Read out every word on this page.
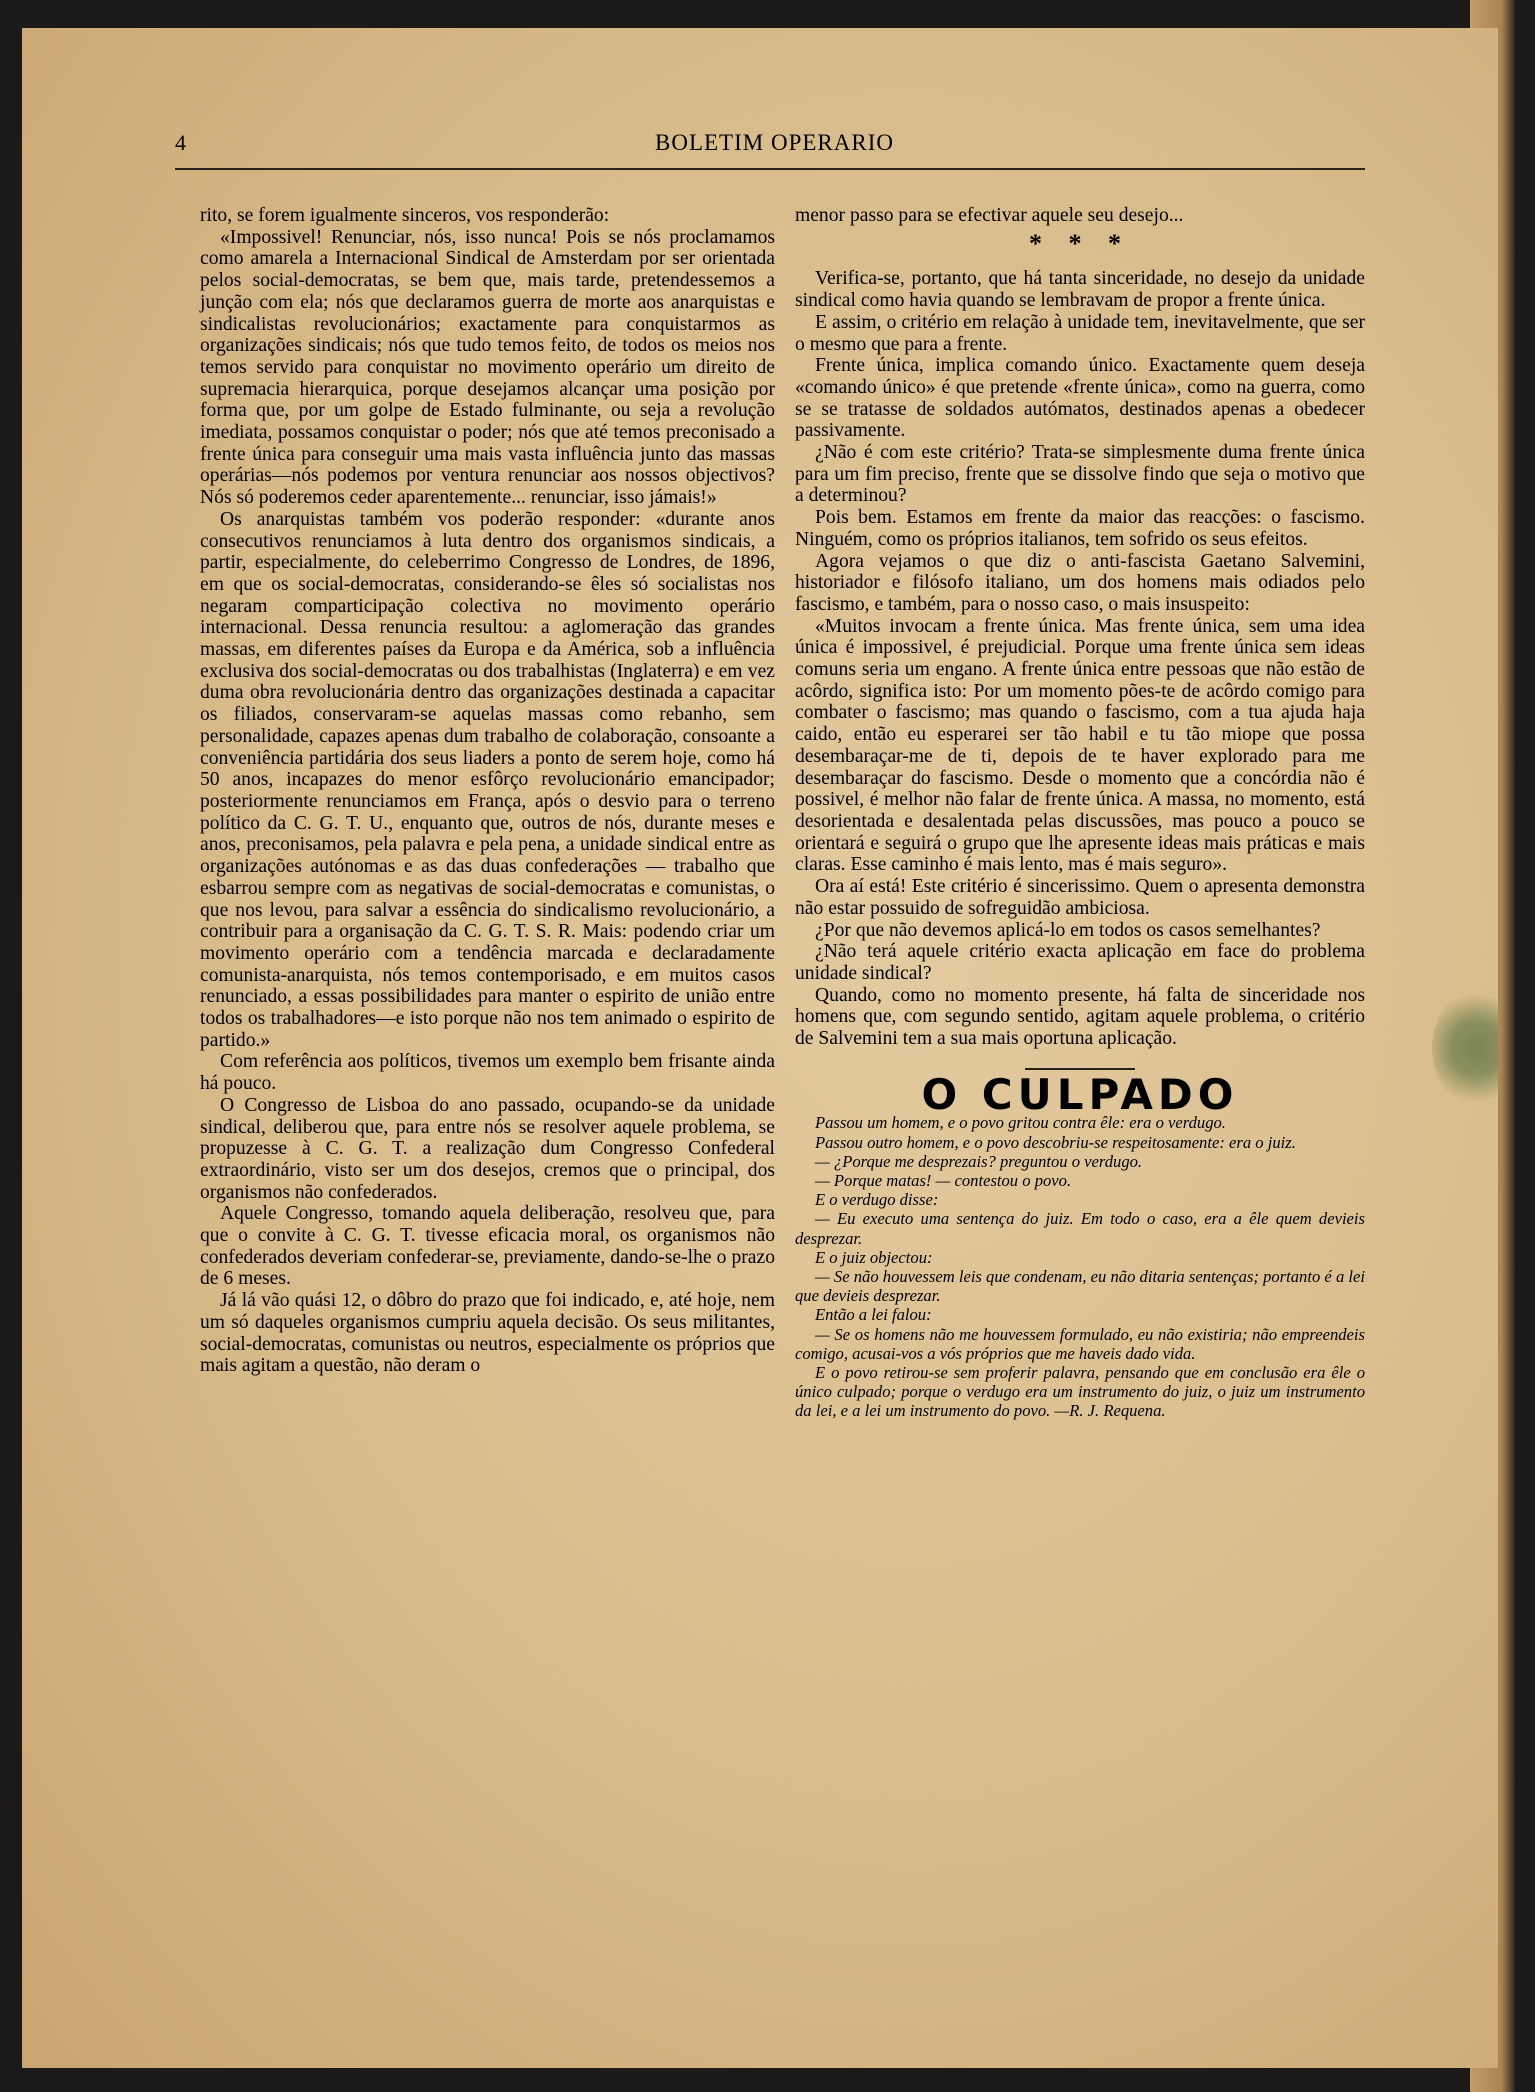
4	BOLETIM OPERARIO

rito, se forem igualmente sinceros, vos responderão:

«Impossivel! Renunciar, nós, isso nunca! Pois se nós proclamamos como amarela a Internacional Sindical de Amsterdam por ser orientada pelos social-democratas, se bem que, mais tarde, pretendessemos a junção com ela; nós que declaramos guerra de morte aos anarquistas e sindicalistas revolucionários; exactamente para conquistarmos as organizações sindicais; nós que tudo temos feito, de todos os meios nos temos servido para conquistar no movimento operário um direito de supremacia hierarquica, porque desejamos alcançar uma posição por forma que, por um golpe de Estado fulminante, ou seja a revolução imediata, possamos conquistar o poder; nós que até temos preconisado a frente única para conseguir uma mais vasta influência junto das massas operárias—nós podemos por ventura renunciar aos nossos objectivos? Nós só poderemos ceder aparentemente... renunciar, isso jámais!»

Os anarquistas também vos poderão responder: «durante anos consecutivos renunciamos à luta dentro dos organismos sindicais, a partir, especialmente, do celeberrimo Congresso de Londres, de 1896, em que os social-democratas, considerando-se êles só socialistas nos negaram comparticipação colectiva no movimento operário internacional. Dessa renuncia resultou: a aglomeração das grandes massas, em diferentes países da Europa e da América, sob a influência exclusiva dos social-democratas ou dos trabalhistas (Inglaterra) e em vez duma obra revolucionária dentro das organizações destinada a capacitar os filiados, conservaram-se aquelas massas como rebanho, sem personalidade, capazes apenas dum trabalho de colaboração, consoante a conveniência partidária dos seus liaders a ponto de serem hoje, como há 50 anos, incapazes do menor esfôrço revolucionário emancipador; posteriormente renunciamos em França, após o desvio para o terreno político da C. G. T. U., enquanto que, outros de nós, durante meses e anos, preconisamos, pela palavra e pela pena, a unidade sindical entre as organizações autónomas e as das duas confederações — trabalho que esbarrou sempre com as negativas de social-democratas e comunistas, o que nos levou, para salvar a essência do sindicalismo revolucionário, a contribuir para a organisação da C. G. T. S. R. Mais: podendo criar um movimento operário com a tendência marcada e declaradamente comunista-anarquista, nós temos contemporisado, e em muitos casos renunciado, a essas possibilidades para manter o espirito de união entre todos os trabalhadores—e isto porque não nos tem animado o espirito de partido.»

Com referência aos políticos, tivemos um exemplo bem frisante ainda há pouco.

O Congresso de Lisboa do ano passado, ocupando-se da unidade sindical, deliberou que, para entre nós se resolver aquele problema, se propuzesse à C. G. T. a realização dum Congresso Confederal extraordinário, visto ser um dos desejos, cremos que o principal, dos organismos não confederados.

Aquele Congresso, tomando aquela deliberação, resolveu que, para que o convite à C. G. T. tivesse eficacia moral, os organismos não confederados deveriam confederar-se, previamente, dando-se-lhe o prazo de 6 meses.

Já lá vão quási 12, o dôbro do prazo que foi indicado, e, até hoje, nem um só daqueles organismos cumpriu aquela decisão. Os seus militantes, social-democratas, comunistas ou neutros, especialmente os próprios que mais agitam a questão, não deram o

menor passo para se efectivar aquele seu desejo...

* * *

Verifica-se, portanto, que há tanta sinceridade, no desejo da unidade sindical como havia quando se lembravam de propor a frente única.

E assim, o critério em relação à unidade tem, inevitavelmente, que ser o mesmo que para a frente.

Frente única, implica comando único. Exactamente quem deseja «comando único» é que pretende «frente única», como na guerra, como se se tratasse de soldados autómatos, destinados apenas a obedecer passivamente.

¿Não é com este critério? Trata-se simplesmente duma frente única para um fim preciso, frente que se dissolve findo que seja o motivo que a determinou?

Pois bem. Estamos em frente da maior das reacções: o fascismo. Ninguém, como os próprios italianos, tem sofrido os seus efeitos.

Agora vejamos o que diz o anti-fascista Gaetano Salvemini, historiador e filósofo italiano, um dos homens mais odiados pelo fascismo, e também, para o nosso caso, o mais insuspeito:

«Muitos invocam a frente única. Mas frente única, sem uma idea única é impossivel, é prejudicial. Porque uma frente única sem ideas comuns seria um engano. A frente única entre pessoas que não estão de acôrdo, significa isto: Por um momento pões-te de acôrdo comigo para combater o fascismo; mas quando o fascismo, com a tua ajuda haja caido, então eu esperarei ser tão habil e tu tão miope que possa desembaraçar-me de ti, depois de te haver explorado para me desembaraçar do fascismo. Desde o momento que a concórdia não é possivel, é melhor não falar de frente única. A massa, no momento, está desorientada e desalentada pelas discussões, mas pouco a pouco se orientará e seguirá o grupo que lhe apresente ideas mais práticas e mais claras. Esse caminho é mais lento, mas é mais seguro».

Ora aí está! Este critério é sincerissimo. Quem o apresenta demonstra não estar possuido de sofreguidão ambiciosa.

¿Por que não devemos aplicá-lo em todos os casos semelhantes?

¿Não terá aquele critério exacta aplicação em face do problema unidade sindical?

Quando, como no momento presente, há falta de sinceridade nos homens que, com segundo sentido, agitam aquele problema, o critério de Salvemini tem a sua mais oportuna aplicação.

O CULPADO

Passou um homem, e o povo gritou contra êle: era o verdugo.

Passou outro homem, e o povo descobriu-se respeitosamente: era o juiz.

— ¿Porque me desprezais? preguntou o verdugo.

— Porque matas! — contestou o povo.

E o verdugo disse:

— Eu executo uma sentença do juiz. Em todo o caso, era a êle quem devieis desprezar.

E o juiz objectou:

— Se não houvessem leis que condenam, eu não ditaria sentenças; portanto é a lei que devieis desprezar.

Então a lei falou:

— Se os homens não me houvessem formulado, eu não existiria; não empreendeis comigo, acusai-vos a vós próprios que me haveis dado vida.

E o povo retirou-se sem proferir palavra, pensando que em conclusão era êle o único culpado; porque o verdugo era um instrumento do juiz, o juiz um instrumento da lei, e a lei um instrumento do povo. —R. J. Requena.
